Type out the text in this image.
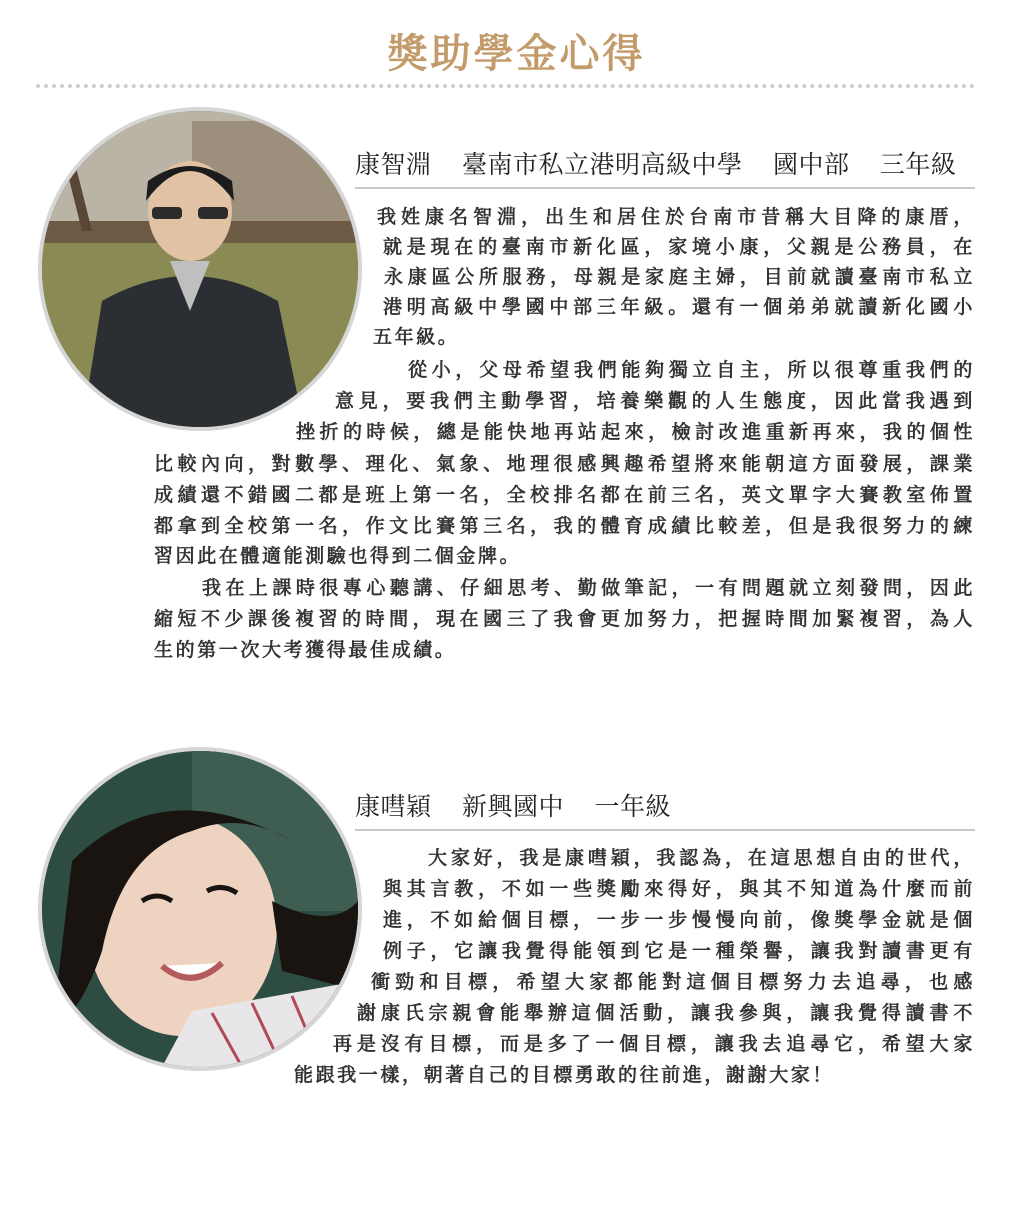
獎助學金心得
康智淵 臺南市私立港明高級中學 國中部 三年級
我姓康名智淵，出生和居住於台南市昔稱大目降的康厝，
就是現在的臺南市新化區，家境小康，父親是公務員，在
永康區公所服務，母親是家庭主婦，目前就讀臺南市私立
港明高級中學國中部三年級。還有一個弟弟就讀新化國小
五年級。
從小，父母希望我們能夠獨立自主，所以很尊重我們的
意見，要我們主動學習，培養樂觀的人生態度，因此當我遇到
挫折的時候，總是能快地再站起來，檢討改進重新再來，我的個性
比較內向，對數學、理化、氣象、地理很感興趣希望將來能朝這方面發展，課業
成績還不錯國二都是班上第一名，全校排名都在前三名，英文單字大賽教室佈置
都拿到全校第一名，作文比賽第三名，我的體育成績比較差，但是我很努力的練
習因此在體適能測驗也得到二個金牌。
我在上課時很專心聽講、仔細思考、勤做筆記，一有問題就立刻發問，因此
縮短不少課後複習的時間，現在國三了我會更加努力，把握時間加緊複習，為人
生的第一次大考獲得最佳成績。
康嘒穎 新興國中 一年級
大家好，我是康嘒穎，我認為，在這思想自由的世代，
與其言教，不如一些獎勵來得好，與其不知道為什麼而前
進，不如給個目標，一步一步慢慢向前，像獎學金就是個
例子，它讓我覺得能領到它是一種榮譽，讓我對讀書更有
衝勁和目標，希望大家都能對這個目標努力去追尋，也感
謝康氏宗親會能舉辦這個活動，讓我參與，讓我覺得讀書不
再是沒有目標，而是多了一個目標，讓我去追尋它，希望大家
能跟我一樣，朝著自己的目標勇敢的往前進，謝謝大家！
